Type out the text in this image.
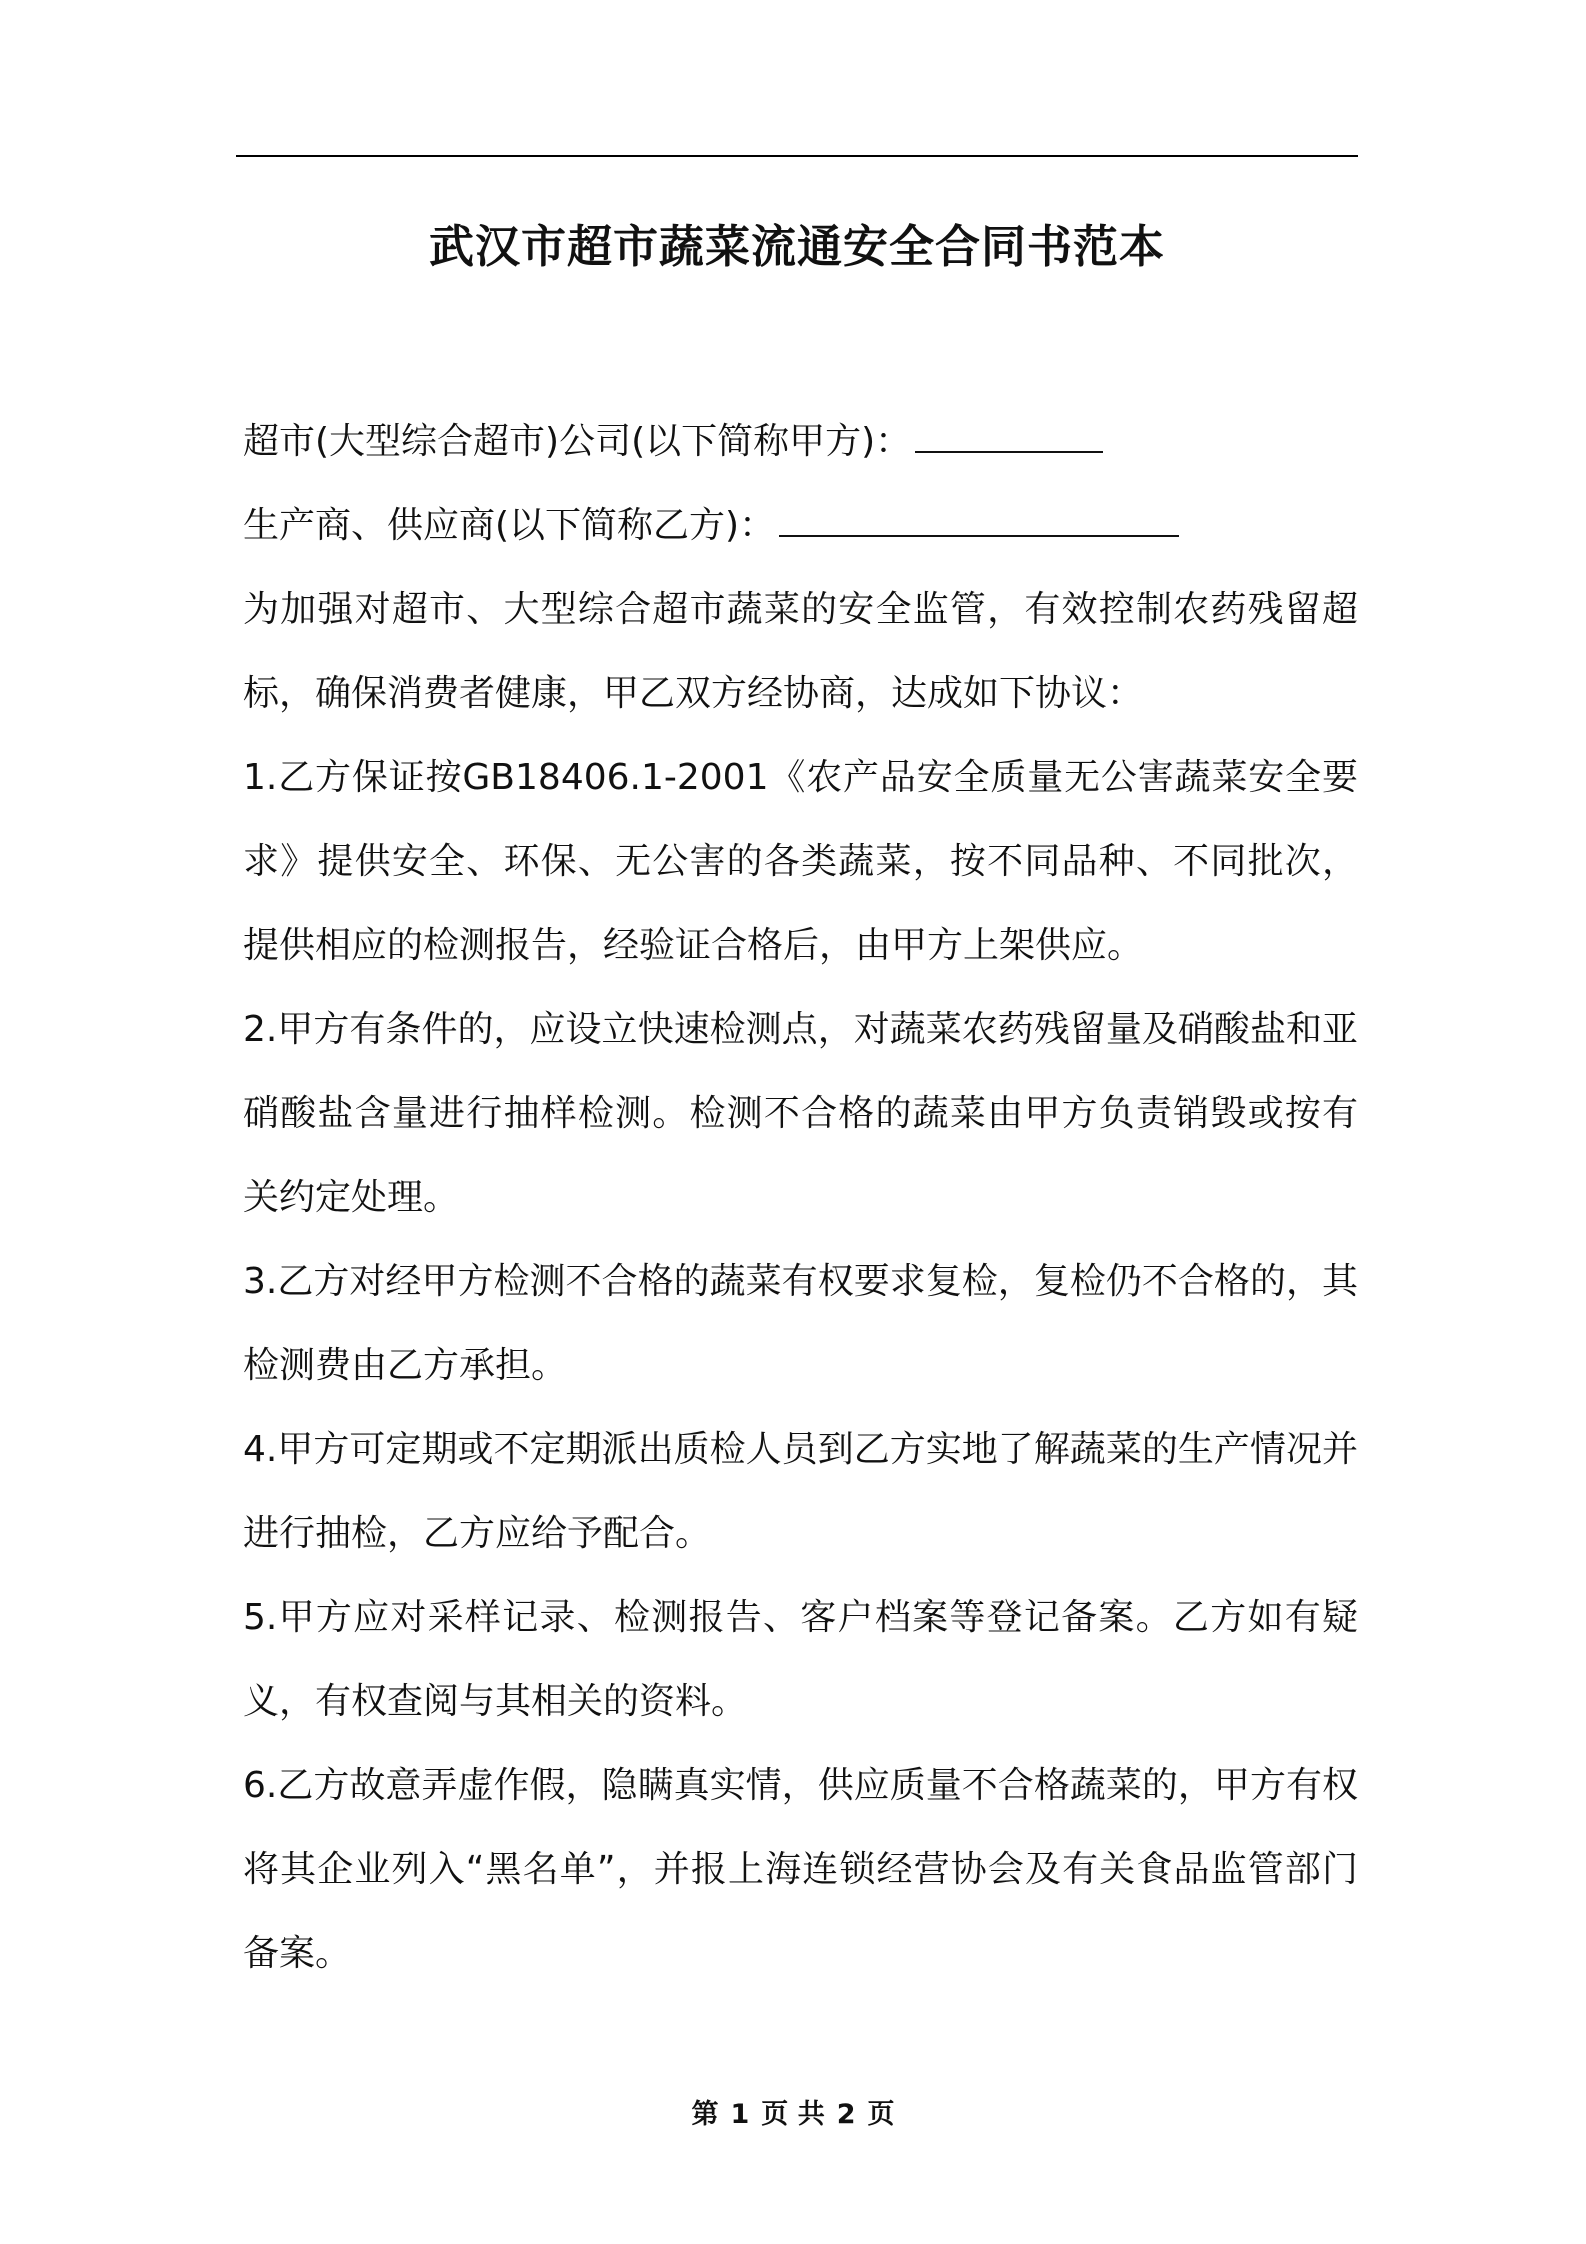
武汉市超市蔬菜流通安全合同书范本

超市(大型综合超市)公司(以下简称甲方)：

生产商、供应商(以下简称乙方)：

为加强对超市、大型综合超市蔬菜的安全监管，有效控制农药残留超标，确保消费者健康，甲乙双方经协商，达成如下协议：

1.乙方保证按GB18406.1-2001《农产品安全质量无公害蔬菜安全要求》提供安全、环保、无公害的各类蔬菜，按不同品种、不同批次，提供相应的检测报告，经验证合格后，由甲方上架供应。

2.甲方有条件的，应设立快速检测点，对蔬菜农药残留量及硝酸盐和亚硝酸盐含量进行抽样检测。检测不合格的蔬菜由甲方负责销毁或按有关约定处理。

3.乙方对经甲方检测不合格的蔬菜有权要求复检，复检仍不合格的，其检测费由乙方承担。

4.甲方可定期或不定期派出质检人员到乙方实地了解蔬菜的生产情况并进行抽检，乙方应给予配合。

5.甲方应对采样记录、检测报告、客户档案等登记备案。乙方如有疑义，有权查阅与其相关的资料。

6.乙方故意弄虚作假，隐瞒真实情，供应质量不合格蔬菜的，甲方有权将其企业列入“黑名单”，并报上海连锁经营协会及有关食品监管部门备案。

第 1 页 共 2 页
